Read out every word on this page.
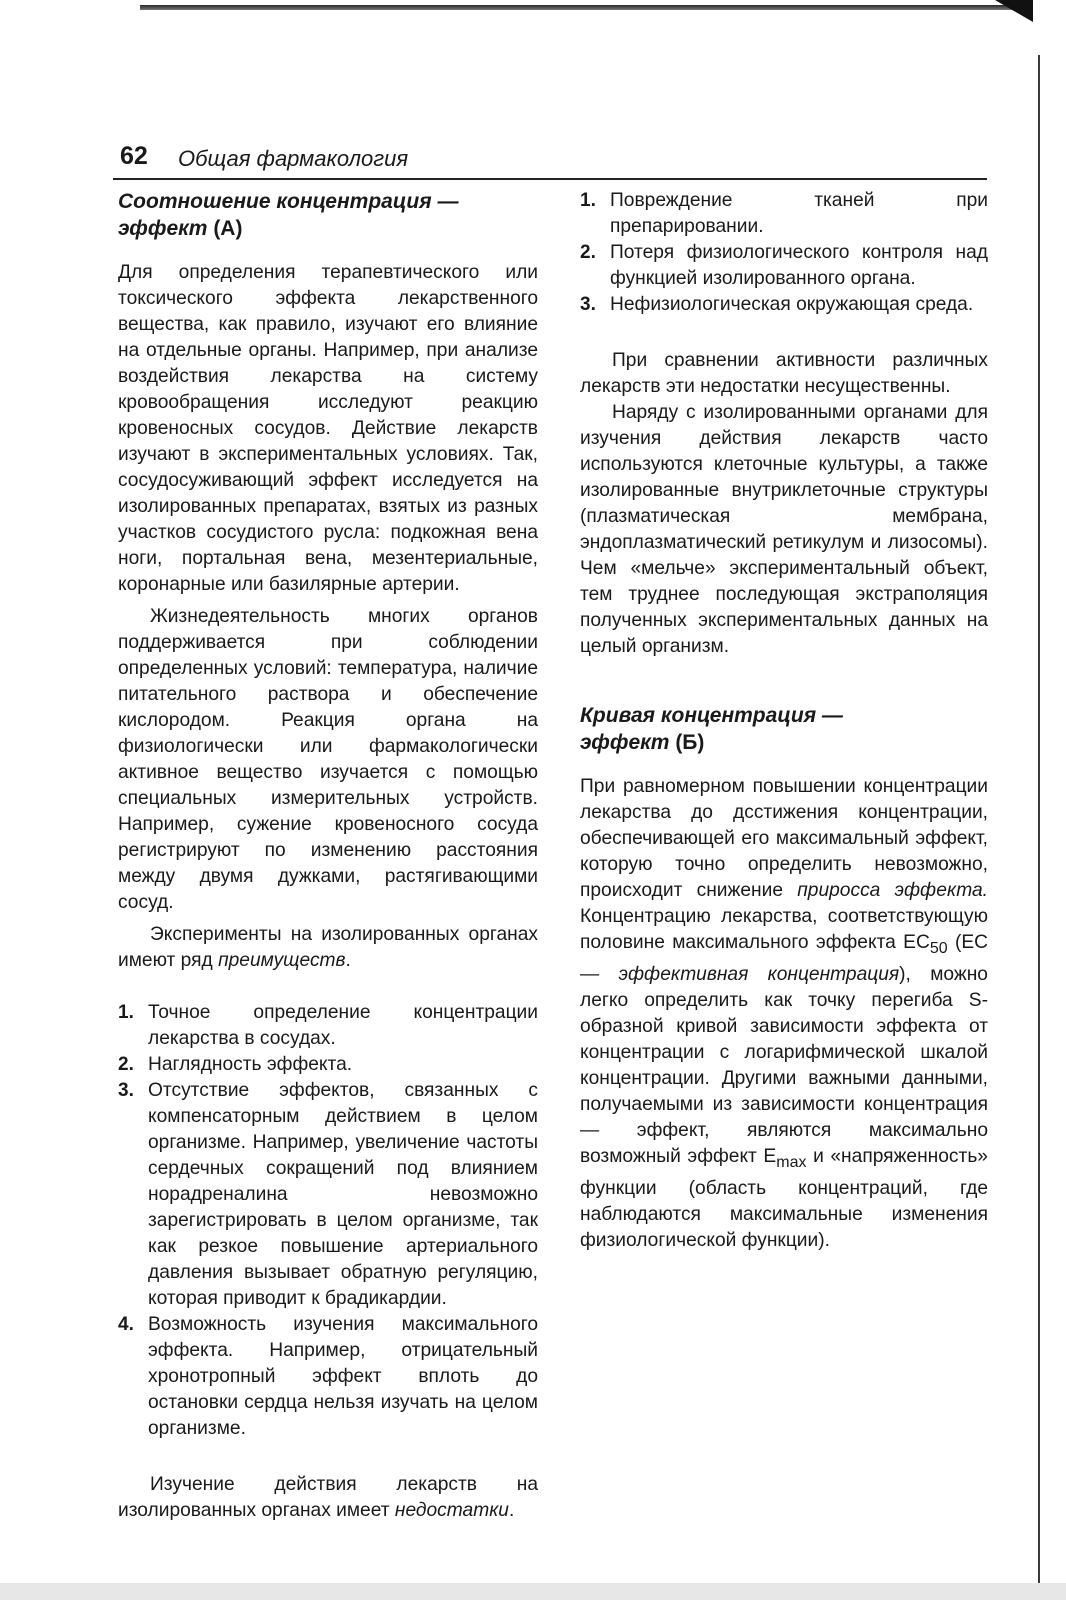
62 Общая фармакология
Соотношение концентрация —
эффект (А)

Для определения терапевтического или токсического эффекта лекарственного вещества, как правило, изучают его влияние на отдельные органы. Например, при анализе воздействия лекарства на систему кровообращения исследуют реакцию кровеносных сосудов. Действие лекарств изучают в экспериментальных условиях. Так, сосудосуживающий эффект исследуется на изолированных препаратах, взятых из разных участков сосудистого русла: подкожная вена ноги, портальная вена, мезентериальные, коронарные или базилярные артерии.

Жизнедеятельность многих органов поддерживается при соблюдении определенных условий: температура, наличие питательного раствора и обеспечение кислородом. Реакция органа на физиологически или фармакологически активное вещество изучается с помощью специальных измерительных устройств. Например, сужение кровеносного сосуда регистрируют по изменению расстояния между двумя дужками, растягивающими сосуд.

Эксперименты на изолированных органах имеют ряд преимуществ.

1. Точное определение концентрации лекарства в сосудах.
2. Наглядность эффекта.
3. Отсутствие эффектов, связанных с компенсаторным действием в целом организме. Например, увеличение частоты сердечных сокращений под влиянием норадреналина невозможно зарегистрировать в целом организме, так как резкое повышение артериального давления вызывает обратную регуляцию, которая приводит к брадикардии.
4. Возможность изучения максимального эффекта. Например, отрицательный хронотропный эффект вплоть до остановки сердца нельзя изучать на целом организме.

Изучение действия лекарств на изолированных органах имеет недостатки.

1. Повреждение тканей при препарировании.
2. Потеря физиологического контроля над функцией изолированного органа.
3. Нефизиологическая окружающая среда.

При сравнении активности различных лекарств эти недостатки несущественны.

Наряду с изолированными органами для изучения действия лекарств часто используются клеточные культуры, а также изолированные внутриклеточные структуры (плазматическая мембрана, эндоплазматический ретикулум и лизосомы). Чем «мельче» экспериментальный объект, тем труднее последующая экстраполяция полученных экспериментальных данных на целый организм.

Кривая концентрация —
эффект (Б)

При равномерном повышении концентрации лекарства до дсстижения концентрации, обеспечивающей его максимальный эффект, которую точно определить невозможно, происходит снижение приросса эффекта. Концентрацию лекарства, соответствующую половине максимального эффекта $EC_{50}$ (EC — эффективная концентрация), можно легко определить как точку перегиба S-образной кривой зависимости эффекта от концентрации с логарифмической шкалой концентрации. Другими важными данными, получаемыми из зависимости концентрация — эффект, являются максимально возможный эффект $E_{max}$ и «напряженность» функции (область концентраций, где наблюдаются максимальные изменения физиологической функции).
